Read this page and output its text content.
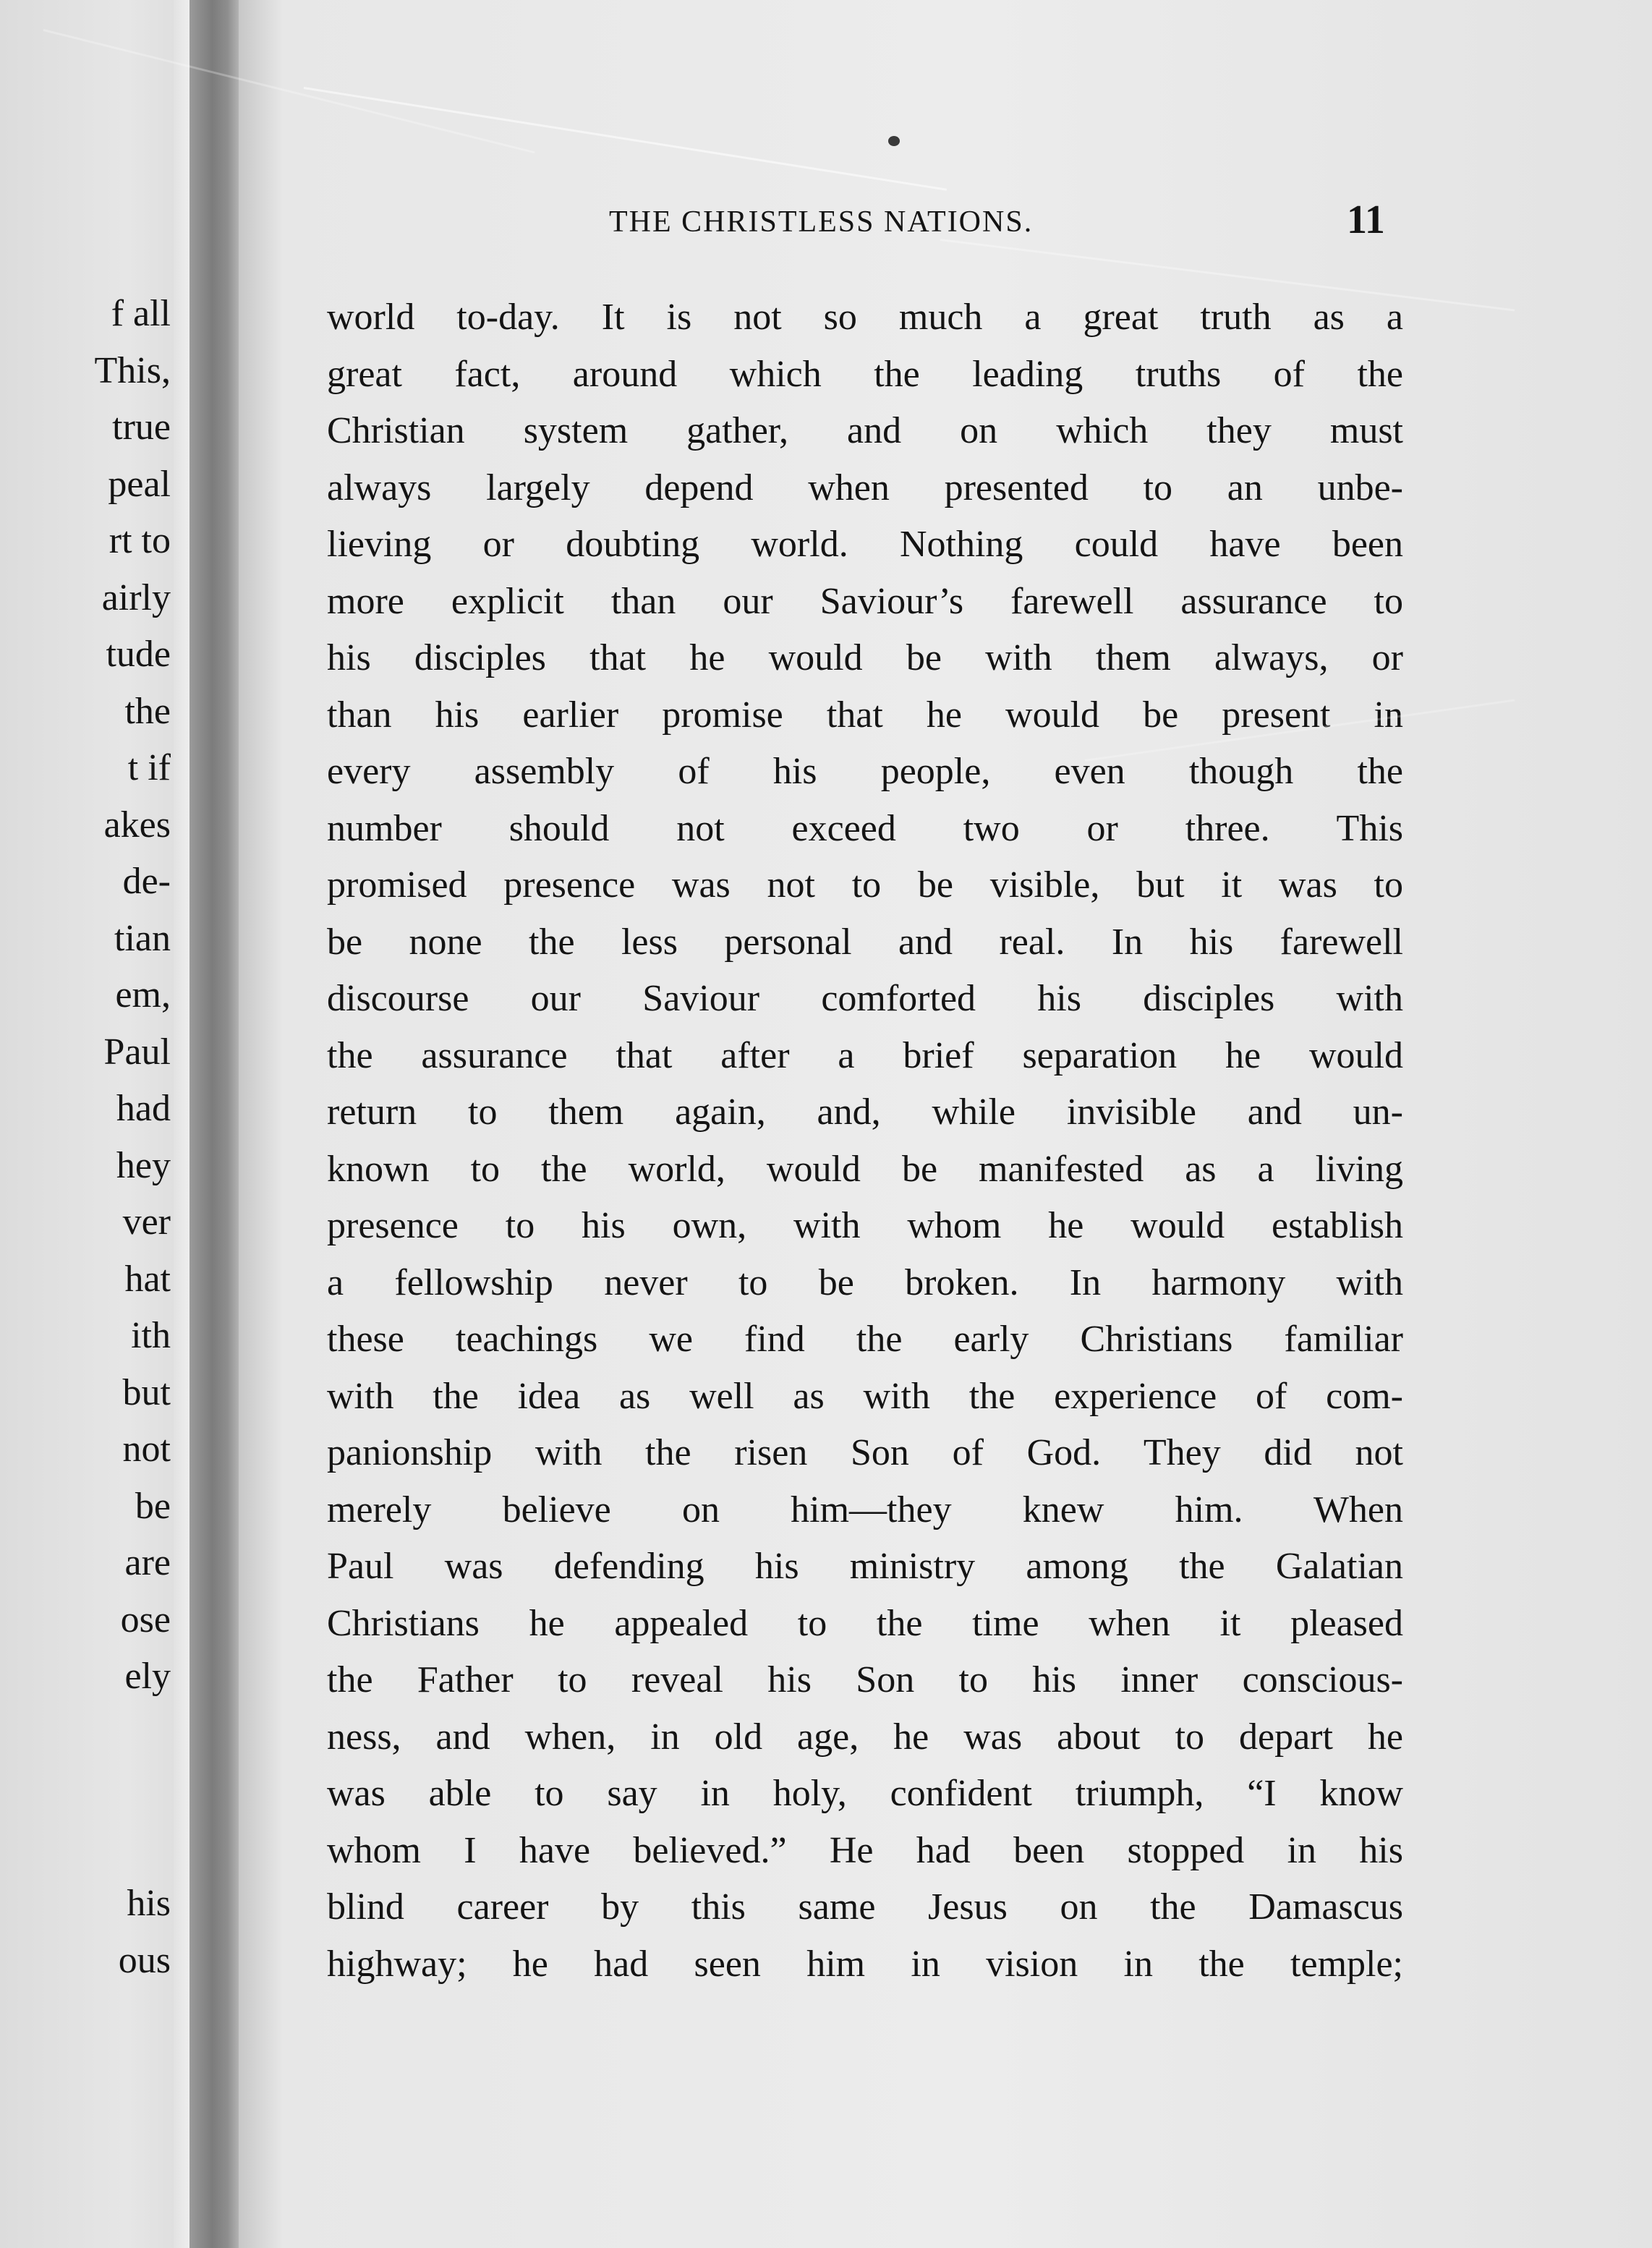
f all
This,
true
peal
rt to
airly
tude
the
t if
akes
de-
tian
em,
Paul
had
hey
ver
hat
ith
but
not
be
are
ose
ely
his
ous
THE CHRISTLESS NATIONS.	11
world to-day. It is not so much a great truth as a
great fact, around which the leading truths of the
Christian system gather, and on which they must
always largely depend when presented to an unbe-
lieving or doubting world. Nothing could have been
more explicit than our Saviour’s farewell assurance to
his disciples that he would be with them always, or
than his earlier promise that he would be present in
every assembly of his people, even though the
number should not exceed two or three. This
promised presence was not to be visible, but it was to
be none the less personal and real. In his farewell
discourse our Saviour comforted his disciples with
the assurance that after a brief separation he would
return to them again, and, while invisible and un-
known to the world, would be manifested as a living
presence to his own, with whom he would establish
a fellowship never to be broken. In harmony with
these teachings we find the early Christians familiar
with the idea as well as with the experience of com-
panionship with the risen Son of God. They did not
merely believe on him—they knew him. When
Paul was defending his ministry among the Galatian
Christians he appealed to the time when it pleased
the Father to reveal his Son to his inner conscious-
ness, and when, in old age, he was about to depart he
was able to say in holy, confident triumph, “I know
whom I have believed.” He had been stopped in his
blind career by this same Jesus on the Damascus
highway; he had seen him in vision in the temple;
